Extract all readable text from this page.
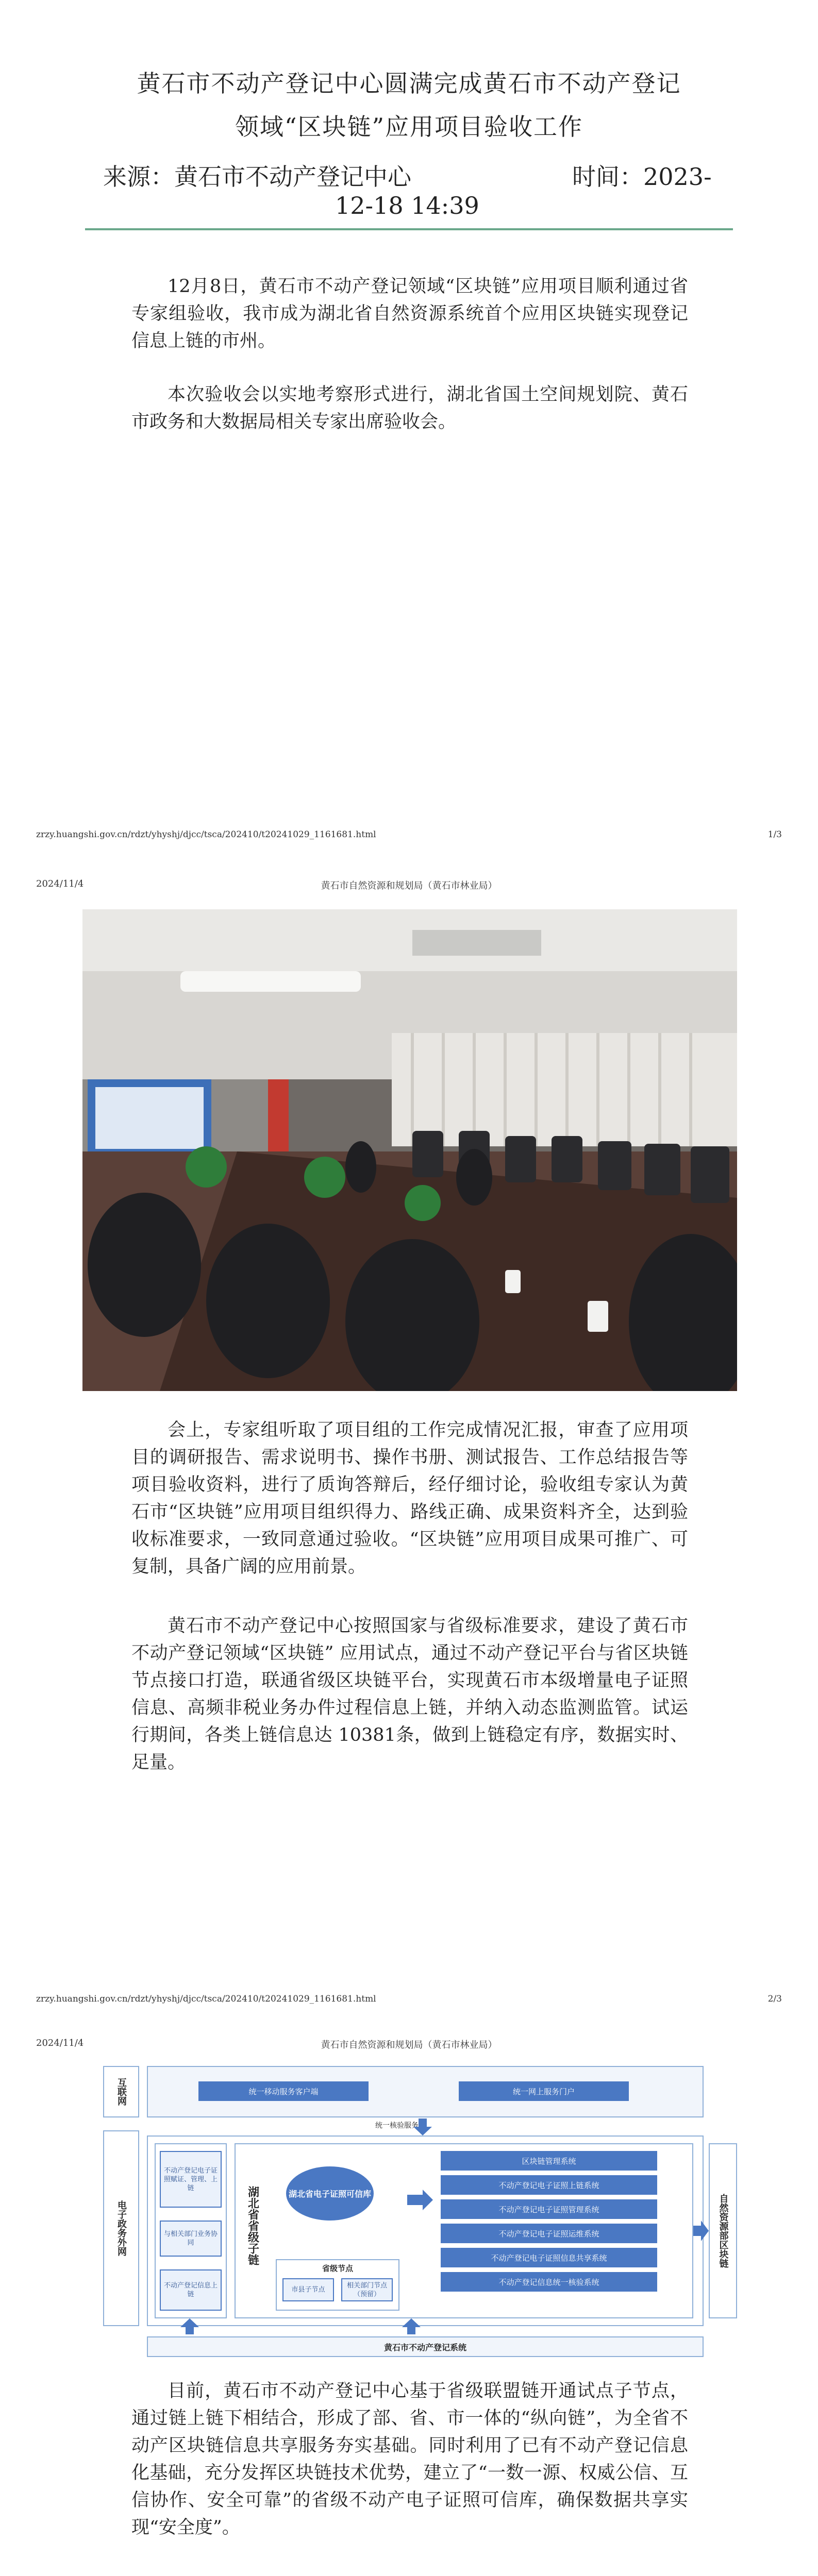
黄石市不动产登记中心圆满完成黄石市不动产登记
领域“区块链”应用项目验收工作
来源：黄石市不动产登记中心	时间：2023-
12-18 14:39
12月8日，黄石市不动产登记领域“区块链”应用项目顺利通过省专家组验收，我市成为湖北省自然资源系统首个应用区块链实现登记信息上链的市州。
本次验收会以实地考察形式进行，湖北省国土空间规划院、黄石市政务和大数据局相关专家出席验收会。
zrzy.huangshi.gov.cn/rdzt/yhyshj/djcc/tsca/202410/t20241029_1161681.html	1/3
2024/11/4	黄石市自然资源和规划局（黄石市林业局）
会上，专家组听取了项目组的工作完成情况汇报，审查了应用项目的调研报告、需求说明书、操作书册、测试报告、工作总结报告等项目验收资料，进行了质询答辩后，经仔细讨论，验收组专家认为黄石市“区块链”应用项目组织得力、路线正确、成果资料齐全，达到验收标准要求，一致同意通过验收。“区块链”应用项目成果可推广、可复制，具备广阔的应用前景。
黄石市不动产登记中心按照国家与省级标准要求，建设了黄石市不动产登记领域“区块链” 应用试点，通过不动产登记平台与省区块链节点接口打造，联通省级区块链平台，实现黄石市本级增量电子证照信息、高频非税业务办件过程信息上链，并纳入动态监测监管。试运行期间，各类上链信息达 10381条，做到上链稳定有序，数据实时、足量。
zrzy.huangshi.gov.cn/rdzt/yhyshj/djcc/tsca/202410/t20241029_1161681.html	2/3
2024/11/4	黄石市自然资源和规划局（黄石市林业局）
互联网
电子政务外网
统一移动服务客户端	统一网上服务门户
统一核验服务
不动产登记电子证照赋证、管理、上链
与相关部门业务协同
不动产登记信息上链
湖北省省级子链	湖北省电子证照可信库
省级节点
市县子节点
相关部门节点（预留）
区块链管理系统
不动产登记电子证照上链系统
不动产登记电子证照管理系统
不动产登记电子证照运维系统
不动产登记电子证照信息共享系统
不动产登记信息统一核验系统
自然资源部区块链
黄石市不动产登记系统
目前，黄石市不动产登记中心基于省级联盟链开通试点子节点，通过链上链下相结合，形成了部、省、市一体的“纵向链”，为全省不动产区块链信息共享服务夯实基础。同时利用了已有不动产登记信息化基础，充分发挥区块链技术优势，建立了“一数一源、权威公信、互信协作、安全可靠”的省级不动产电子证照可信库，确保数据共享实现“安全度”。
